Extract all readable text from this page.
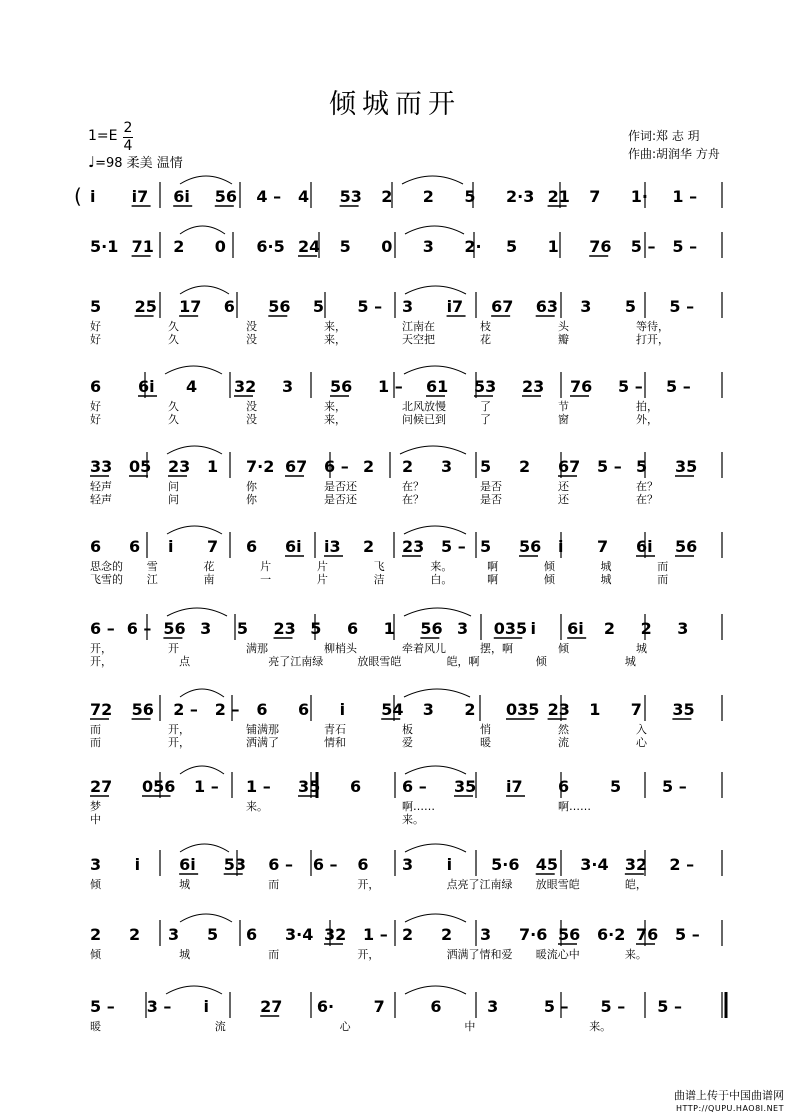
倾城而开
1=E 2
4
♩=98 柔美 温情
作词:郑 志 玥
作曲:胡润华 方舟
( i i7 6i 56 4 – 4 53 2 2 5 2·3 21 7 1· 1 –
5·1 71 2 0 6·5 24 5 0 3 2· 5 1 76 5 – 5 –
5 25 17 6 56 5 5 – 3 i7 67 63 3 5 5 –
好	久	没	来，	江南在	枝	头	等待，
好	久	没	来，	天空把	花	瓣	打开，
6 6i 4 32 3 56 1 – 61 53 23 76 5 – 5 –
好	久	没	来，	北风放慢	了	节	拍，
好	久	没	来，	问候已到	了	窗	外，
33 05 23 1 7·2 67 6 – 2 2 3 5 2 67 5 – 5 35
轻声	问	你	是否还	在？	是否	还	在？
轻声	问	你	是否还	在？	是否	还	在？
6 6 i 7 6 6i i3 2 23 5 – 5 56 i 7 6i 56
思念的 雪	花	片	片	飞	来。	啊	倾	城	而
飞雪的 江	南	一	片	洁	白。	啊	倾	城	而
6 – 6 – 56 3 5 23 5 6 1 56 3 035 i 6i 2 2 3
开，	开	满那	柳梢头	牵着风儿	摆，啊	倾	城
开，	点	亮了江南绿	放眼雪皑	皑，啊	倾	城
72 56 2 – 2 – 6 6 i 54 3 2 035 23 1 7 35
而	开，	铺满那	青石	板	悄	然	入
而	开，	洒满了	情和	爱	暖	流	心
27 056 1 – 1 – 35 6	6 – 35 i7 6	5	5 –
梦	来。	啊……	啊……
中	来。
3 i 6i 53 6 – 6 – 6 3 i 5·6 45 3·4 32 2 –
倾	城	而	开，	点亮了江南绿 放眼雪皑	皑，
2 2 3 5 6 3·4 32 1 – 2 2 3 7·6 56 6·2 76 5 –
倾	城	而	开，	洒满了情和爱 暖流心中	来。
5 – 3 – i	27 6· 7	6	3	5 – 5 – 5 –
暖	流	心	中	来。
曲谱上传于中国曲谱网
HTTP://QUPU.HAO8I.NET
